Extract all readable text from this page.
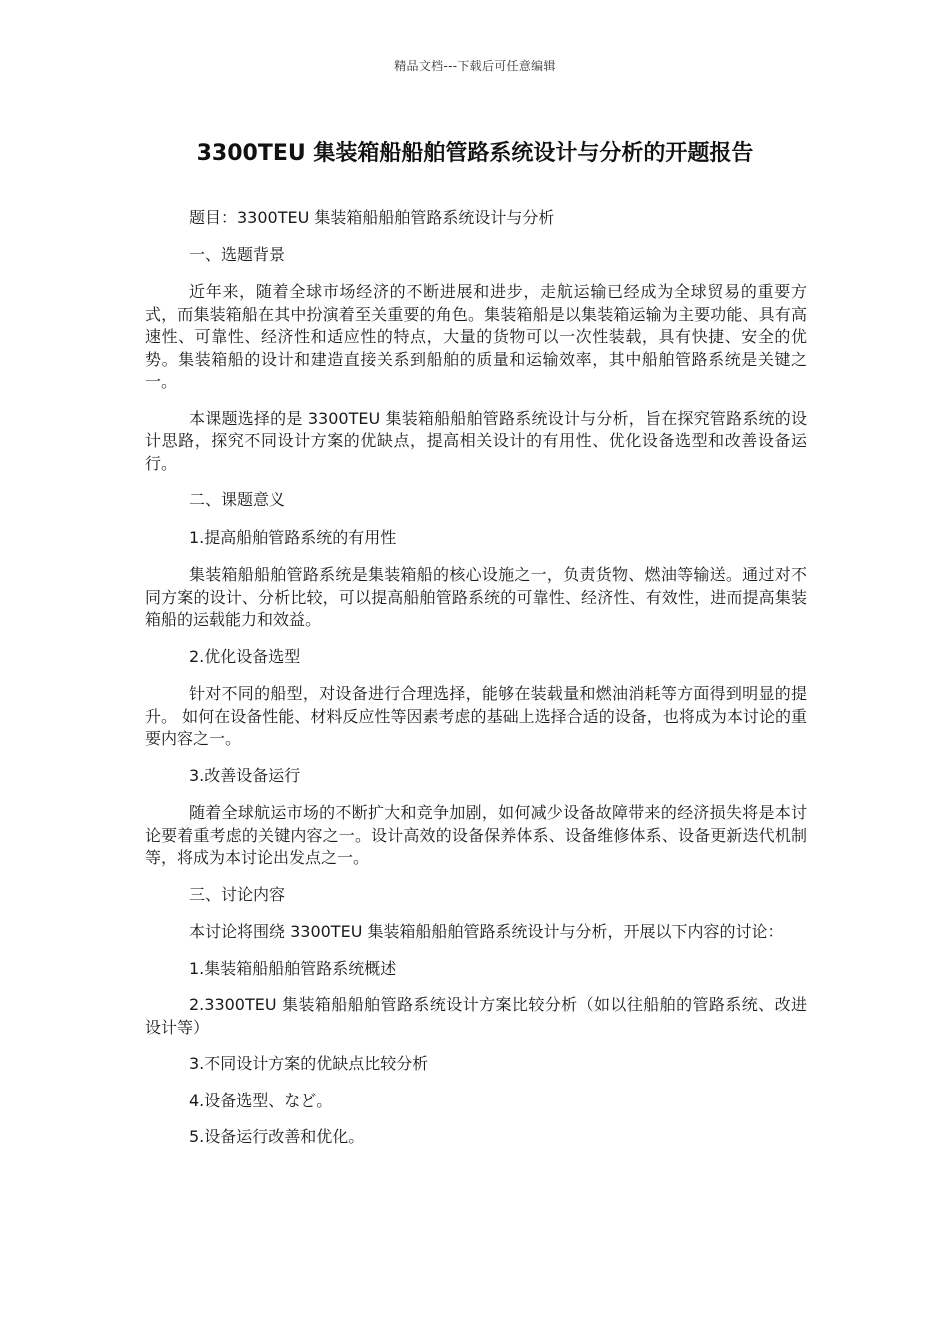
精品文档---下载后可任意编辑
3300TEU 集装箱船船舶管路系统设计与分析的开题报告

题目：3300TEU 集装箱船船舶管路系统设计与分析

一、选题背景

近年来，随着全球市场经济的不断进展和进步，走航运输已经成为全球贸易的重要方式，而集装箱船在其中扮演着至关重要的角色。集装箱船是以集装箱运输为主要功能、具有高速性、可靠性、经济性和适应性的特点，大量的货物可以一次性装载，具有快捷、安全的优势。集装箱船的设计和建造直接关系到船舶的质量和运输效率，其中船舶管路系统是关键之一。

本课题选择的是 3300TEU 集装箱船船舶管路系统设计与分析，旨在探究管路系统的设计思路，探究不同设计方案的优缺点，提高相关设计的有用性、优化设备选型和改善设备运行。

二、课题意义

1.提高船舶管路系统的有用性

集装箱船船舶管路系统是集装箱船的核心设施之一，负责货物、燃油等输送。通过对不同方案的设计、分析比较，可以提高船舶管路系统的可靠性、经济性、有效性，进而提高集装箱船的运载能力和效益。

2.优化设备选型

针对不同的船型，对设备进行合理选择，能够在装载量和燃油消耗等方面得到明显的提升。 如何在设备性能、材料反应性等因素考虑的基础上选择合适的设备，也将成为本讨论的重要内容之一。

3.改善设备运行

随着全球航运市场的不断扩大和竞争加剧，如何减少设备故障带来的经济损失将是本讨论要着重考虑的关键内容之一。设计高效的设备保养体系、设备维修体系、设备更新迭代机制等，将成为本讨论出发点之一。

三、讨论内容

本讨论将围绕 3300TEU 集装箱船船舶管路系统设计与分析，开展以下内容的讨论：

1.集装箱船船舶管路系统概述

2.3300TEU 集装箱船船舶管路系统设计方案比较分析（如以往船舶的管路系统、改进设计等）

3.不同设计方案的优缺点比较分析

4.设备选型、など。

5.设备运行改善和优化。
